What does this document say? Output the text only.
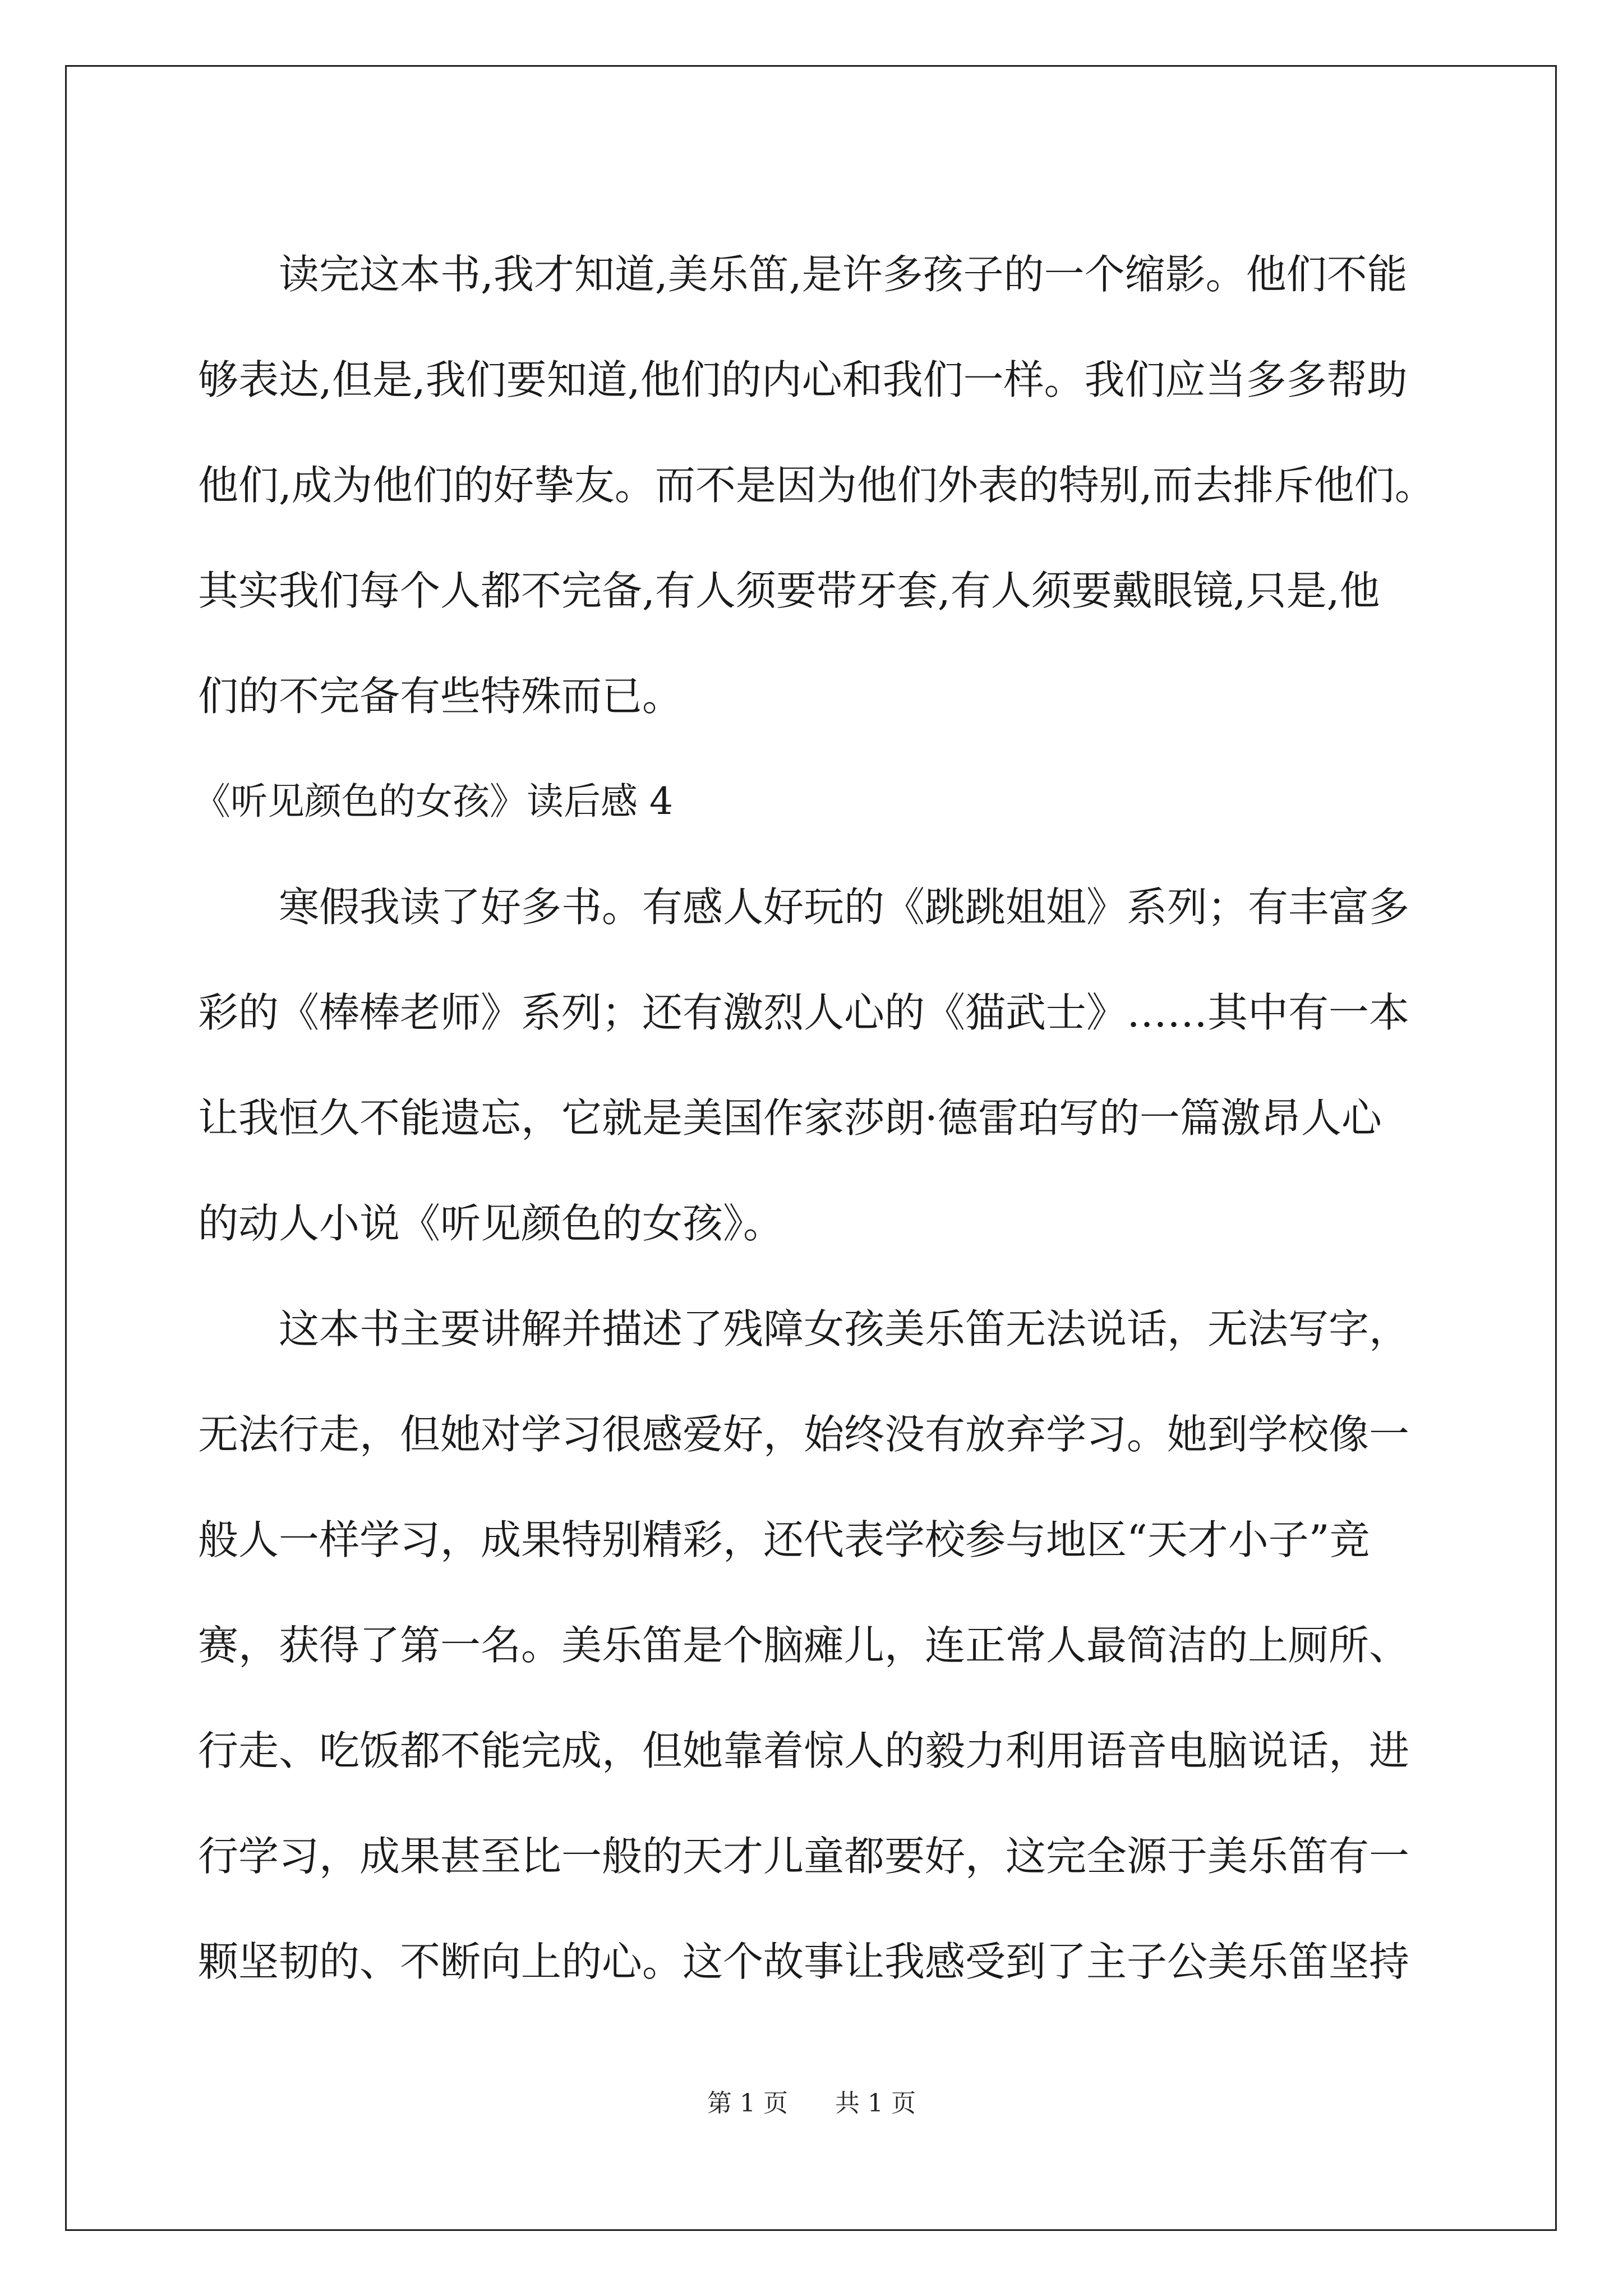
读完这本书,我才知道,美乐笛,是许多孩子的一个缩影。他们不能
够表达,但是,我们要知道,他们的内心和我们一样。我们应当多多帮助
他们,成为他们的好挚友。而不是因为他们外表的特别,而去排斥他们。
其实我们每个人都不完备,有人须要带牙套,有人须要戴眼镜,只是,他
们的不完备有些特殊而已。
《听见颜色的女孩》读后感 4
寒假我读了好多书。有感人好玩的《跳跳姐姐》系列；有丰富多
彩的《棒棒老师》系列；还有激烈人心的《猫武士》……其中有一本
让我恒久不能遗忘，它就是美国作家莎朗·德雷珀写的一篇激昂人心
的动人小说《听见颜色的女孩》。
这本书主要讲解并描述了残障女孩美乐笛无法说话，无法写字，
无法行走，但她对学习很感爱好，始终没有放弃学习。她到学校像一
般人一样学习，成果特别精彩，还代表学校参与地区“天才小子”竞
赛，获得了第一名。美乐笛是个脑瘫儿，连正常人最简洁的上厕所、
行走、吃饭都不能完成，但她靠着惊人的毅力利用语音电脑说话，进
行学习，成果甚至比一般的天才儿童都要好，这完全源于美乐笛有一
颗坚韧的、不断向上的心。这个故事让我感受到了主子公美乐笛坚持
第 1 页 共 1 页
